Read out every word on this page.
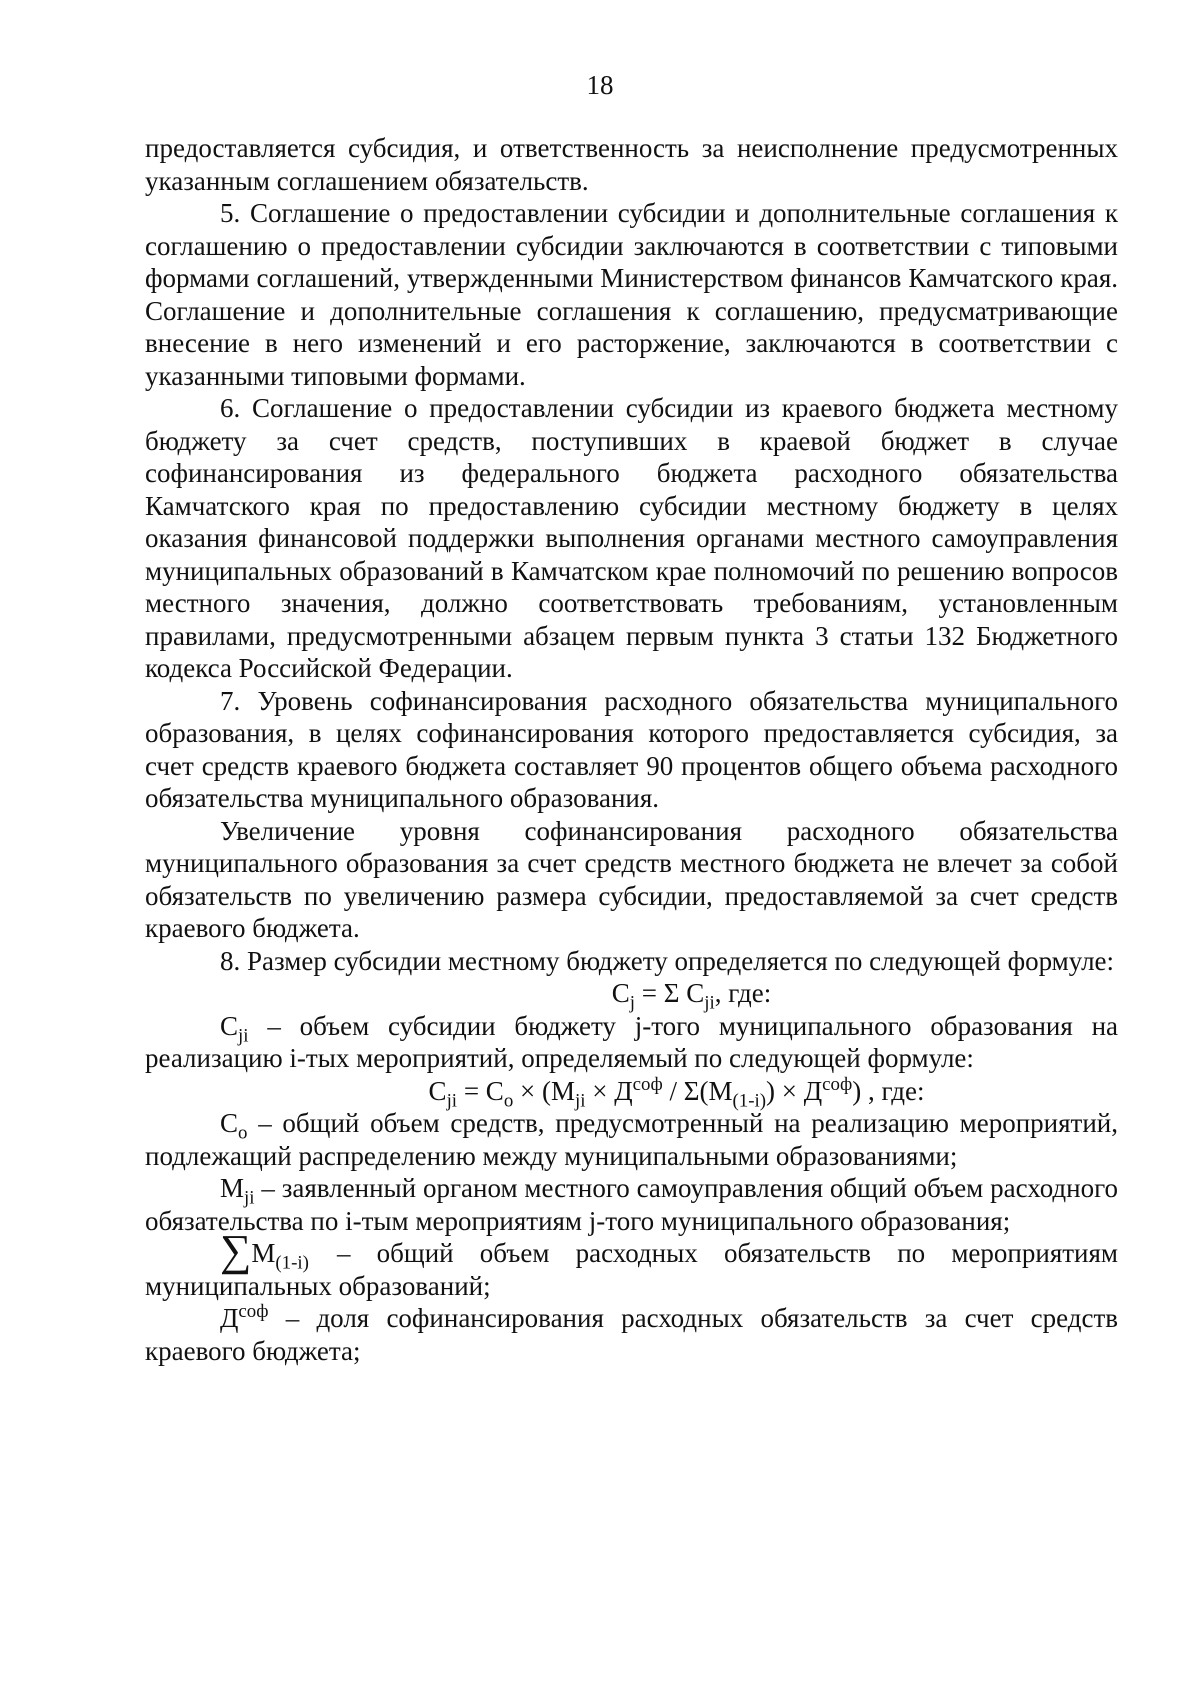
18

предоставляется субсидия, и ответственность за неисполнение предусмотренных указанным соглашением обязательств.

5. Соглашение о предоставлении субсидии и дополнительные соглашения к соглашению о предоставлении субсидии заключаются в соответствии с типовыми формами соглашений, утвержденными Министерством финансов Камчатского края. Соглашение и дополнительные соглашения к соглашению, предусматривающие внесение в него изменений и его расторжение, заключаются в соответствии с указанными типовыми формами.

6. Соглашение о предоставлении субсидии из краевого бюджета местному бюджету за счет средств, поступивших в краевой бюджет в случае софинансирования из федерального бюджета расходного обязательства Камчатского края по предоставлению субсидии местному бюджету в целях оказания финансовой поддержки выполнения органами местного самоуправления муниципальных образований в Камчатском крае полномочий по решению вопросов местного значения, должно соответствовать требованиям, установленным правилами, предусмотренными абзацем первым пункта 3 статьи 132 Бюджетного кодекса Российской Федерации.

7. Уровень софинансирования расходного обязательства муниципального образования, в целях софинансирования которого предоставляется субсидия, за счет средств краевого бюджета составляет 90 процентов общего объема расходного обязательства муниципального образования.

Увеличение уровня софинансирования расходного обязательства муниципального образования за счет средств местного бюджета не влечет за собой обязательств по увеличению размера субсидии, предоставляемой за счет средств краевого бюджета.

8. Размер субсидии местному бюджету определяется по следующей формуле:

$C_j = \Sigma$ $C_{ji}$, где:

$C_{ji}$ – объем субсидии бюджету j-того муниципального образования на реализацию i-тых мероприятий, определяемый по следующей формуле:

$C_{ji} = C_o \times (M_{ji} \times Д^{соф} / \Sigma(M_{(1-i)}) \times Д^{соф})$ , где:

$C_o$ – общий объем средств, предусмотренный на реализацию мероприятий, подлежащий распределению между муниципальными образованиями;

$M_{ji}$ – заявленный органом местного самоуправления общий объем расходного обязательства по i-тым мероприятиям j-того муниципального образования;

$\sum M_{(1-i)}$ – общий объем расходных обязательств по мероприятиям муниципальных образований;

$Д^{соф}$ – доля софинансирования расходных обязательств за счет средств краевого бюджета;
